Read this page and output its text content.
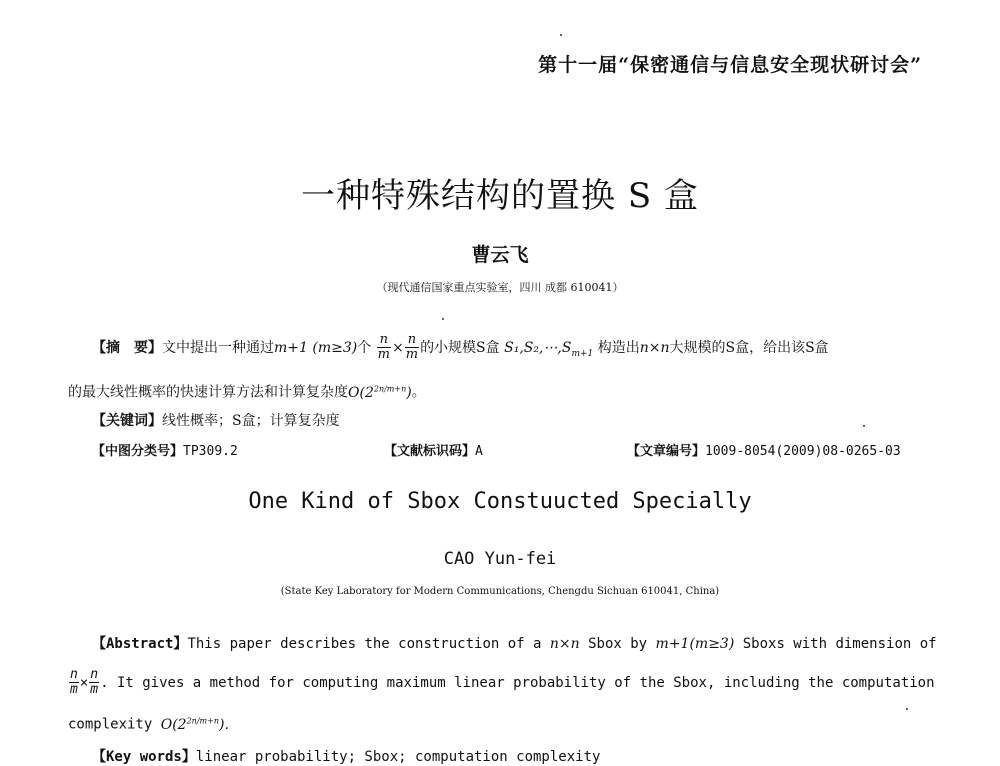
第十一届“保密通信与信息安全现状研讨会”
一种特殊结构的置换 S 盒
曹云飞
（现代通信国家重点实验室，四川 成都 610041）
【摘　要】文中提出一种通过m+1 (m≥3)个 $\frac{n}{m} \times \frac{n}{m}$ 的小规模S盒 $S_1,S_2,\cdots,S_{m+1}$ 构造出n×n大规模的S盒，给出该S盒
的最大线性概率的快速计算方法和计算复杂度$O(2^{2n/m+n})$。
【关键词】线性概率；S盒；计算复杂度
【中图分类号】TP309.2	【文献标识码】A	【文章编号】1009-8054(2009)08-0265-03
One Kind of Sbox Constuucted Specially
CAO Yun-fei
(State Key Laboratory for Modern Communications, Chengdu Sichuan 610041, China)
【Abstract】This paper describes the construction of a n×n Sbox by m+1(m≥3) Sboxs with dimension of
$\frac{n}{m} \times \frac{n}{m}$ . It gives a method for computing maximum linear probability of the Sbox, including the computation
complexity $O(2^{2n/m+n})$.
【Key words】linear probability; Sbox; computation complexity
